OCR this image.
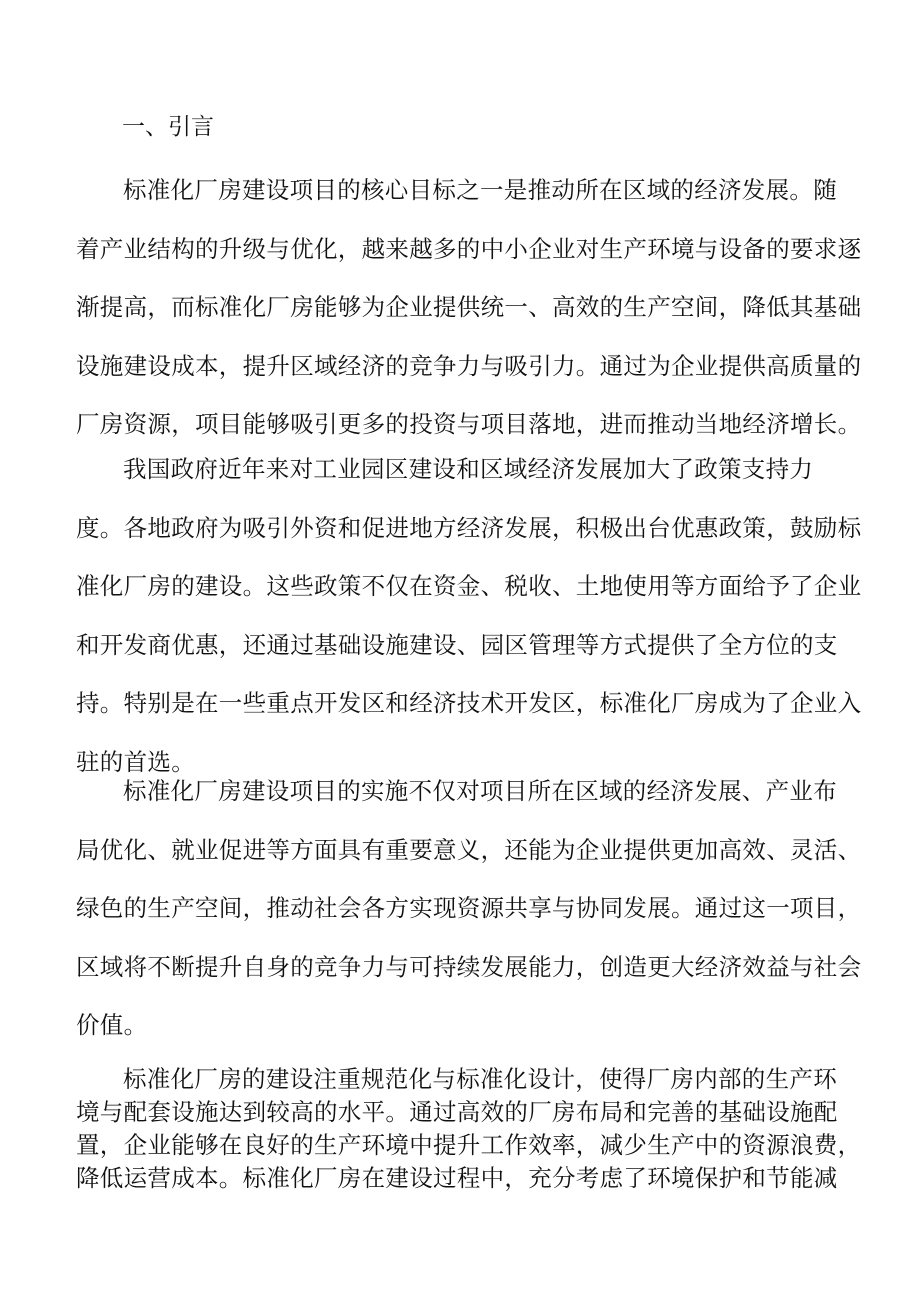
一、引言
标准化厂房建设项目的核心目标之一是推动所在区域的经济发展。随
着产业结构的升级与优化，越来越多的中小企业对生产环境与设备的要求逐
渐提高，而标准化厂房能够为企业提供统一、高效的生产空间，降低其基础
设施建设成本，提升区域经济的竞争力与吸引力。通过为企业提供高质量的
厂房资源，项目能够吸引更多的投资与项目落地，进而推动当地经济增长。
我国政府近年来对工业园区建设和区域经济发展加大了政策支持力
度。各地政府为吸引外资和促进地方经济发展，积极出台优惠政策，鼓励标
准化厂房的建设。这些政策不仅在资金、税收、土地使用等方面给予了企业
和开发商优惠，还通过基础设施建设、园区管理等方式提供了全方位的支
持。特别是在一些重点开发区和经济技术开发区，标准化厂房成为了企业入
驻的首选。
标准化厂房建设项目的实施不仅对项目所在区域的经济发展、产业布
局优化、就业促进等方面具有重要意义，还能为企业提供更加高效、灵活、
绿色的生产空间，推动社会各方实现资源共享与协同发展。通过这一项目，
区域将不断提升自身的竞争力与可持续发展能力，创造更大经济效益与社会
价值。
标准化厂房的建设注重规范化与标准化设计，使得厂房内部的生产环
境与配套设施达到较高的水平。通过高效的厂房布局和完善的基础设施配
置，企业能够在良好的生产环境中提升工作效率，减少生产中的资源浪费，
降低运营成本。标准化厂房在建设过程中，充分考虑了环境保护和节能减
